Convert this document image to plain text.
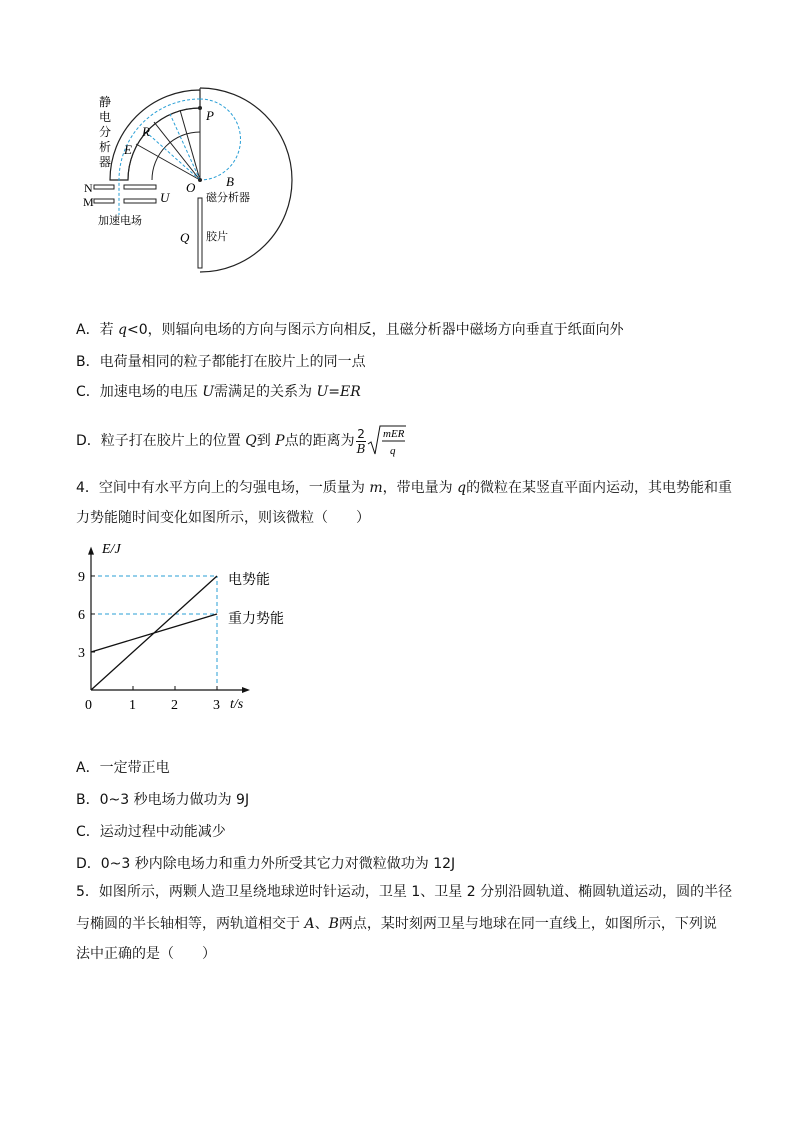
静
电
分
析
器
R
E
P
O B
磁分析器
N
M	U
加速电场
Q 胶片
A．若 q<0，则辐向电场的方向与图示方向相反，且磁分析器中磁场方向垂直于纸面向外
B．电荷量相同的粒子都能打在胶片上的同一点
C．加速电场的电压 U需满足的关系为 U=ER
D．粒子打在胶片上的位置 Q到 P点的距离为 $\frac{2}{B}$ mER
q
4．空间中有水平方向上的匀强电场，一质量为 m，带电量为 q的微粒在某竖直平面内运动，其电势能和重
力势能随时间变化如图所示，则该微粒（　　）
0	1	2	3
3
6
9
E/J
t/s
电势能
重力势能
A．一定带正电
B．0~3 秒电场力做功为 9J
C．运动过程中动能减少
D．0~3 秒内除电场力和重力外所受其它力对微粒做功为 12J
5．如图所示，两颗人造卫星绕地球逆时针运动，卫星 1、卫星 2 分别沿圆轨道、椭圆轨道运动，圆的半径
与椭圆的半长轴相等，两轨道相交于 A、B两点，某时刻两卫星与地球在同一直线上，如图所示，下列说
法中正确的是（　　）
